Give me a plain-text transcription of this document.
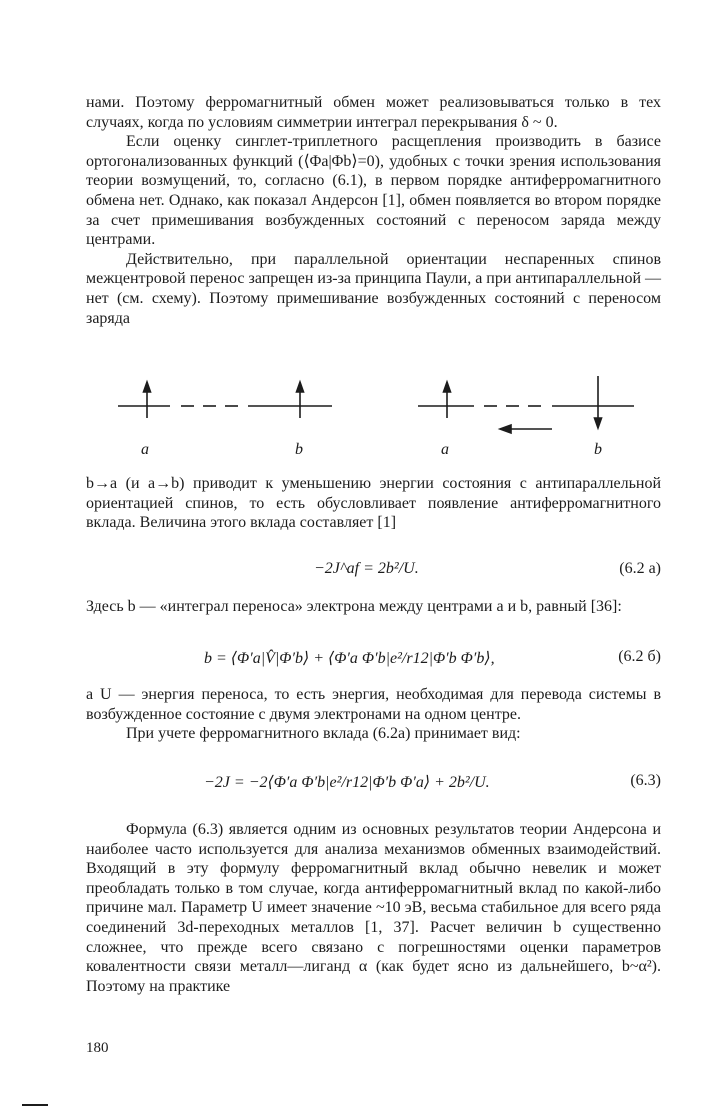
нами. Поэтому ферромагнитный обмен может реализовываться только в тех случаях, когда по условиям симметрии интеграл перекрывания δ ~ 0.

Если оценку синглет-триплетного расщепления производить в базисе ортогонализованных функций (⟨Φa|Φb⟩=0), удобных с точки зрения использования теории возмущений, то, согласно (6.1), в первом порядке антиферромагнитного обмена нет. Однако, как показал Андерсон [1], обмен появляется во втором порядке за счет примешивания возбужденных состояний с переносом заряда между центрами.

Действительно, при параллельной ориентации неспаренных спинов межцентровой перенос запрещен из-за принципа Паули, а при антипараллельной — нет (см. схему). Поэтому примешивание возбужденных состояний с переносом заряда

a	b	a	b

b→a (и a→b) приводит к уменьшению энергии состояния с антипараллельной ориентацией спинов, то есть обусловливает появление антиферромагнитного вклада. Величина этого вклада составляет [1]

−2J^af = 2b²/U.	(6.2 а)

Здесь b — «интеграл переноса» электрона между центрами a и b, равный [36]:

b = ⟨Φ′a|V̂|Φ′b⟩ + ⟨Φ′a Φ′b|e²/r12|Φ′b Φ′b⟩,	(6.2 б)

а U — энергия переноса, то есть энергия, необходимая для перевода системы в возбужденное состояние с двумя электронами на одном центре.

При учете ферромагнитного вклада (6.2а) принимает вид:

−2J = −2⟨Φ′a Φ′b|e²/r12|Φ′b Φ′a⟩ + 2b²/U.	(6.3)

Формула (6.3) является одним из основных результатов теории Андерсона и наиболее часто используется для анализа механизмов обменных взаимодействий. Входящий в эту формулу ферромагнитный вклад обычно невелик и может преобладать только в том случае, когда антиферромагнитный вклад по какой-либо причине мал. Параметр U имеет значение ~10 эВ, весьма стабильное для всего ряда соединений 3d-переходных металлов [1, 37]. Расчет величин b существенно сложнее, что прежде всего связано с погрешностями оценки параметров ковалентности связи металл—лиганд α (как будет ясно из дальнейшего, b~α²). Поэтому на практике

180
